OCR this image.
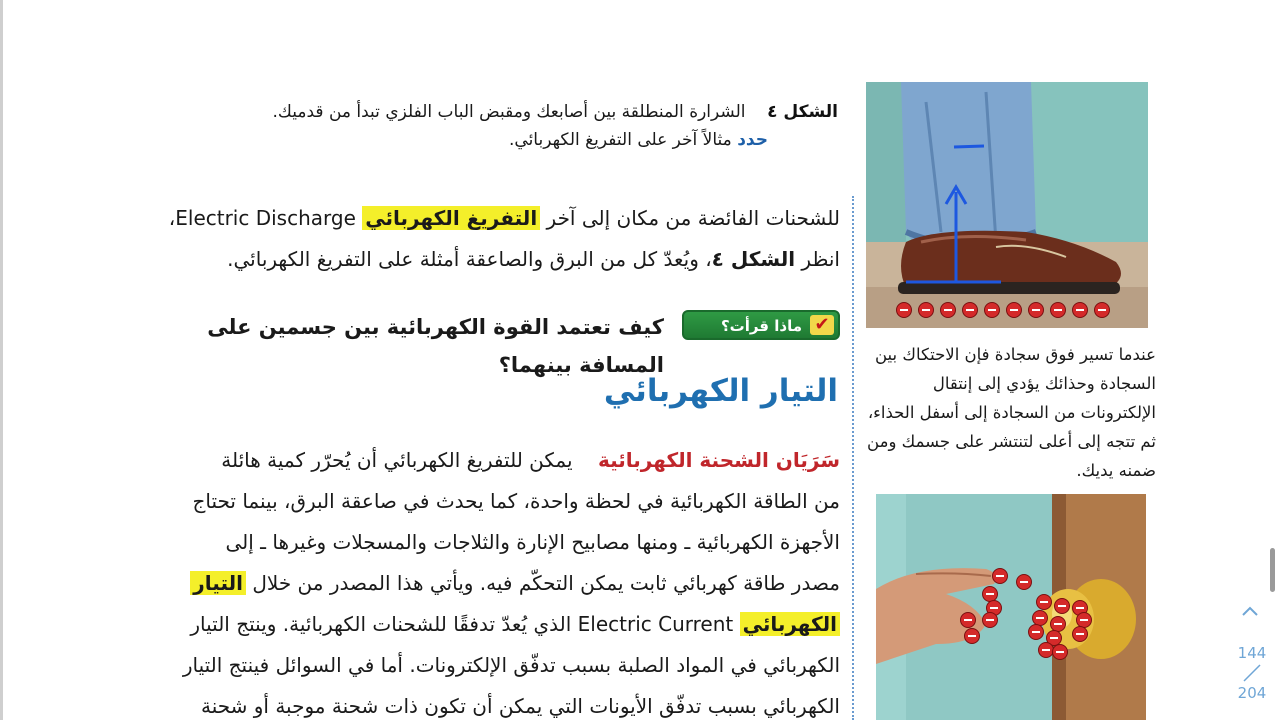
الشكل ٤    الشرارة المنطلقة بين أصابعك ومقبض الباب الفلزي تبدأ من قدميك.
حدد مثالاً آخر على التفريغ الكهربائي.
للشحنات الفائضة من مكان إلى آخر التفريغ الكهربائي Electric Discharge، انظر الشكل ٤، ويُعدّ كل من البرق والصاعقة أمثلة على التفريغ الكهربائي.
ماذا قرأت؟ ✔
كيف تعتمد القوة الكهربائية بين جسمين على المسافة بينهما؟
التيار الكهربائي
سَرَيَان الشحنة الكهربائية    يمكن للتفريغ الكهربائي أن يُحرّر كمية هائلة
من الطاقة الكهربائية في لحظة واحدة، كما يحدث في صاعقة البرق، بينما تحتاج
الأجهزة الكهربائية ـ ومنها مصابيح الإنارة والثلاجات والمسجلات وغيرها ـ إلى
مصدر طاقة كهربائي ثابت يمكن التحكّم فيه. ويأتي هذا المصدر من خلال التيار
الكهربائي Electric Current الذي يُعدّ تدفقًا للشحنات الكهربائية. وينتج التيار
الكهربائي في المواد الصلبة بسبب تدفّق الإلكترونات. أما في السوائل فينتج التيار
الكهربائي بسبب تدفّق الأيونات التي يمكن أن تكون ذات شحنة موجبة أو شحنة
عندما تسير فوق سجادة فإن الاحتكاك بين السجادة وحذائك يؤدي إلى إنتقال الإلكترونات من السجادة إلى أسفل الحذاء، ثم تتجه إلى أعلى لتنتشر على جسمك ومن ضمنه يديك.
144
204
